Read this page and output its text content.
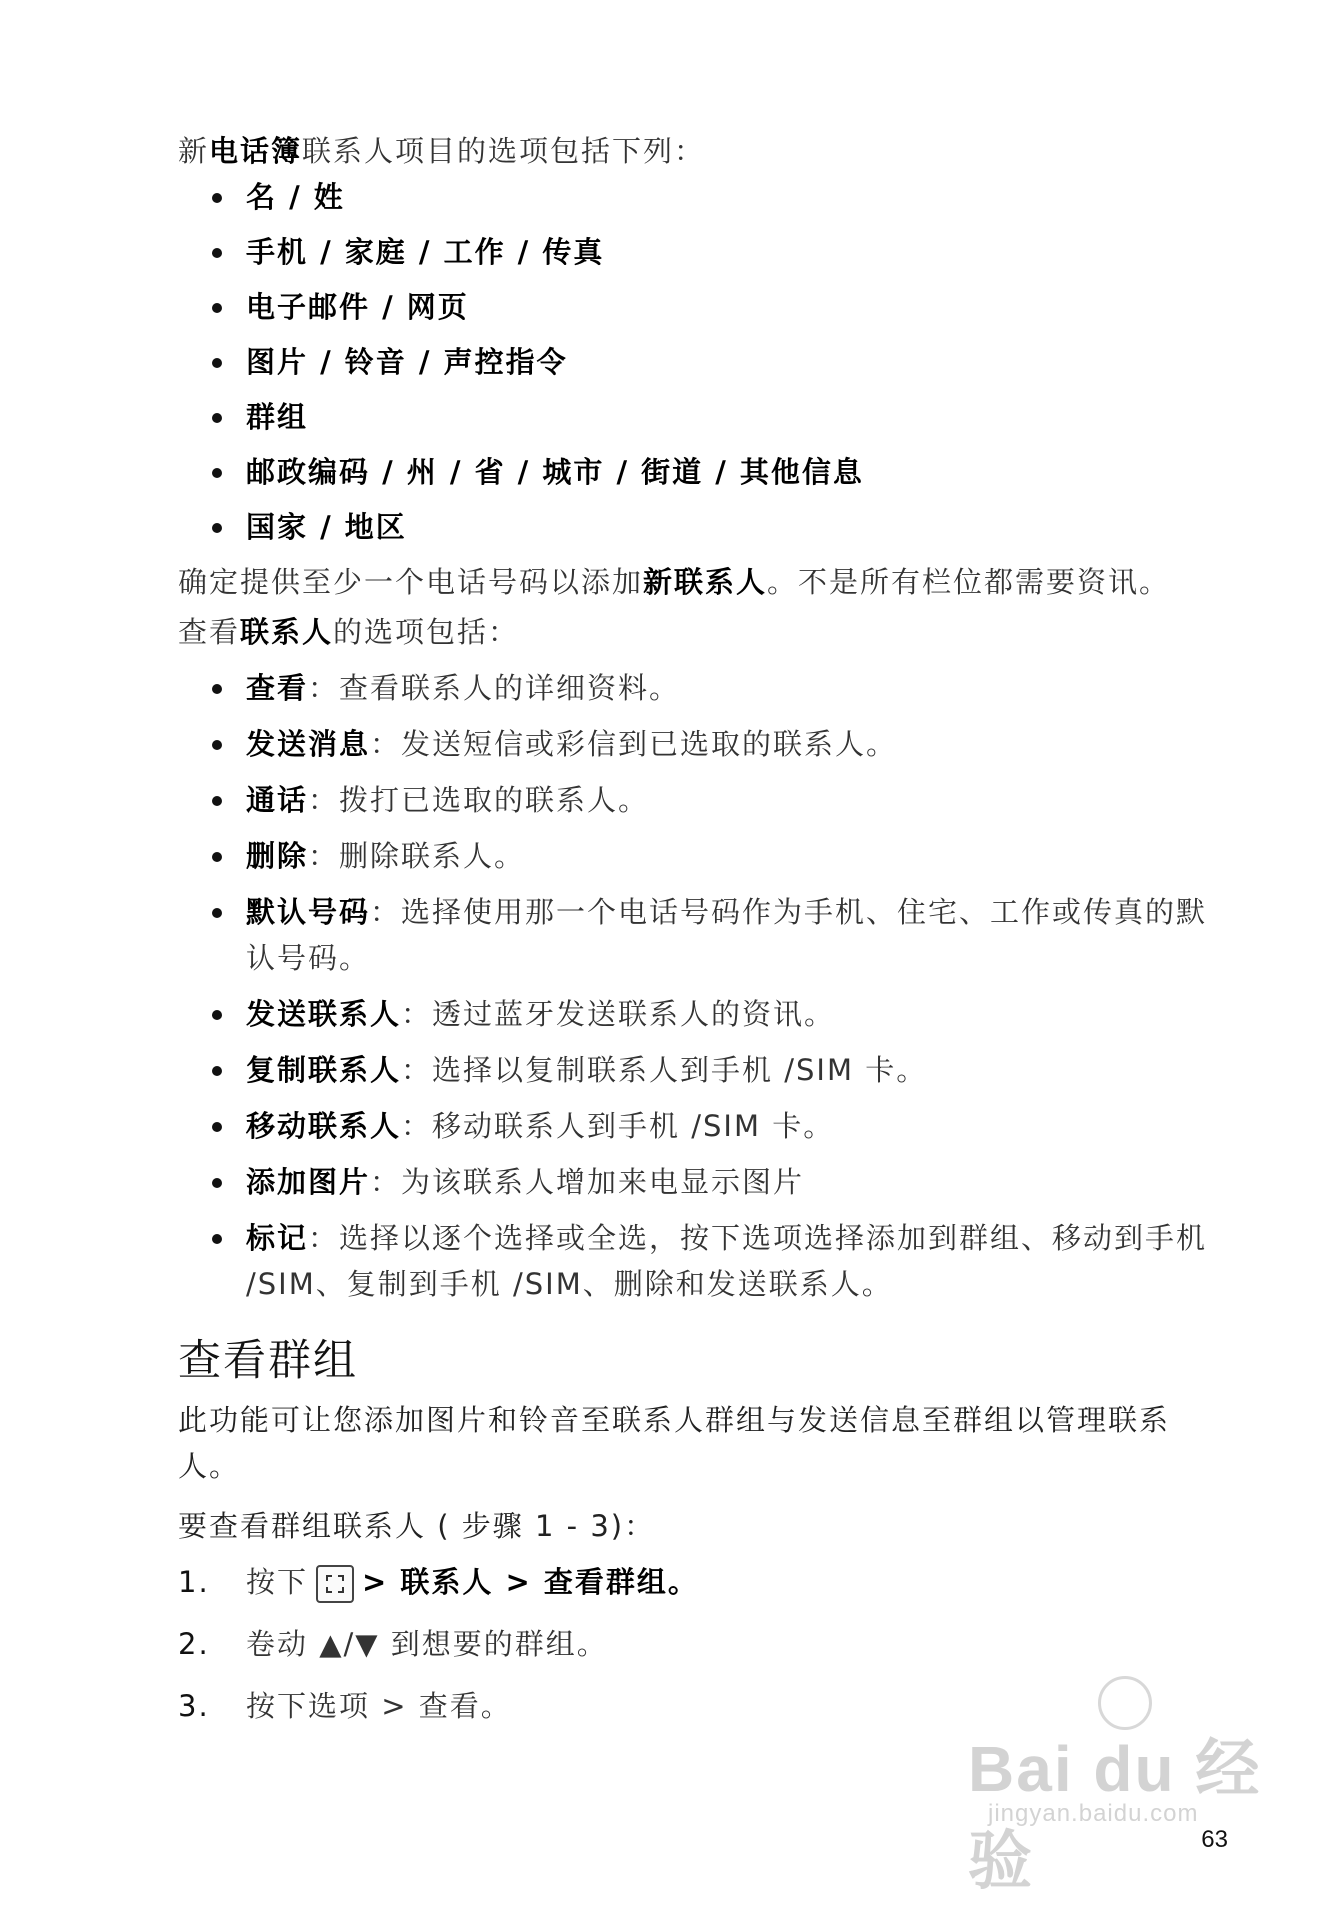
新电话簿联系人项目的选项包括下列：

名 / 姓
手机 / 家庭 / 工作 / 传真
电子邮件 / 网页
图片 / 铃音 / 声控指令
群组
邮政编码 / 州 / 省 / 城市 / 街道 / 其他信息
国家 / 地区

确定提供至少一个电话号码以添加新联系人。不是所有栏位都需要资讯。

查看联系人的选项包括：

查看：查看联系人的详细资料。
发送消息：发送短信或彩信到已选取的联系人。
通话：拨打已选取的联系人。
删除：删除联系人。
默认号码：选择使用那一个电话号码作为手机、住宅、工作或传真的默认号码。
发送联系人：透过蓝牙发送联系人的资讯。
复制联系人：选择以复制联系人到手机 /SIM 卡。
移动联系人：移动联系人到手机 /SIM 卡。
添加图片：为该联系人增加来电显示图片
标记：选择以逐个选择或全选，按下选项选择添加到群组、移动到手机 /SIM、复制到手机 /SIM、删除和发送联系人。
查看群组

此功能可让您添加图片和铃音至联系人群组与发送信息至群组以管理联系人。

要查看群组联系人 ( 步骤 1 - 3)：

1. 按下 > 联系人 > 查看群组。
2. 卷动 ▲/▼ 到想要的群组。
3. 按下选项 > 查看。
Bai du 经验
jingyan.baidu.com
63
